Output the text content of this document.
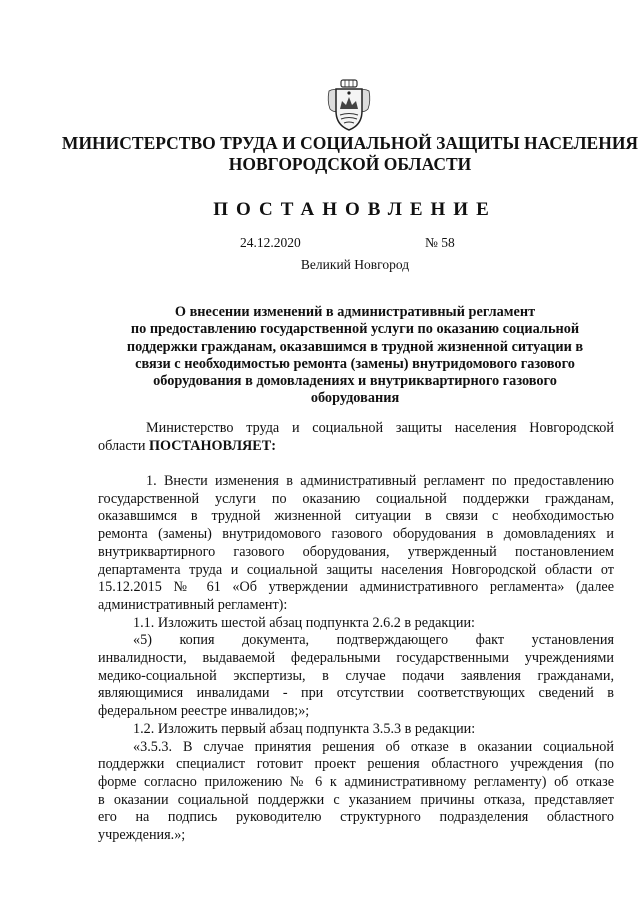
МИНИСТЕРСТВО ТРУДА И СОЦИАЛЬНОЙ ЗАЩИТЫ НАСЕЛЕНИЯ
НОВГОРОДСКОЙ ОБЛАСТИ
ПОСТАНОВЛЕНИЕ
24.12.2020	№ 58
Великий Новгород
О внесении изменений в административный регламент
по предоставлению государственной услуги по оказанию социальной
поддержки гражданам, оказавшимся в трудной жизненной ситуации в
связи с необходимостью ремонта (замены) внутридомового газового
оборудования в домовладениях и внутриквартирного газового
оборудования
Министерство труда и социальной защиты населения Новгородской
области ПОСТАНОВЛЯЕТ:
1. Внести изменения в административный регламент по предоставлению
государственной услуги по оказанию социальной поддержки гражданам,
оказавшимся в трудной жизненной ситуации в связи с необходимостью
ремонта (замены) внутридомового газового оборудования в домовладениях и
внутриквартирного газового оборудования, утвержденный постановлением
департамента труда и социальной защиты населения Новгородской области от
15.12.2015 № 61 «Об утверждении административного регламента» (далее
административный регламент):
1.1. Изложить шестой абзац подпункта 2.6.2 в редакции:
«5) копия документа, подтверждающего факт установления
инвалидности, выдаваемой федеральными государственными учреждениями
медико-социальной экспертизы, в случае подачи заявления гражданами,
являющимися инвалидами - при отсутствии соответствующих сведений в
федеральном реестре инвалидов;»;
1.2. Изложить первый абзац подпункта 3.5.3 в редакции:
«3.5.3. В случае принятия решения об отказе в оказании социальной
поддержки специалист готовит проект решения областного учреждения (по
форме согласно приложению № 6 к административному регламенту) об отказе
в оказании социальной поддержки с указанием причины отказа, представляет
его на подпись руководителю структурного подразделения областного
учреждения.»;
